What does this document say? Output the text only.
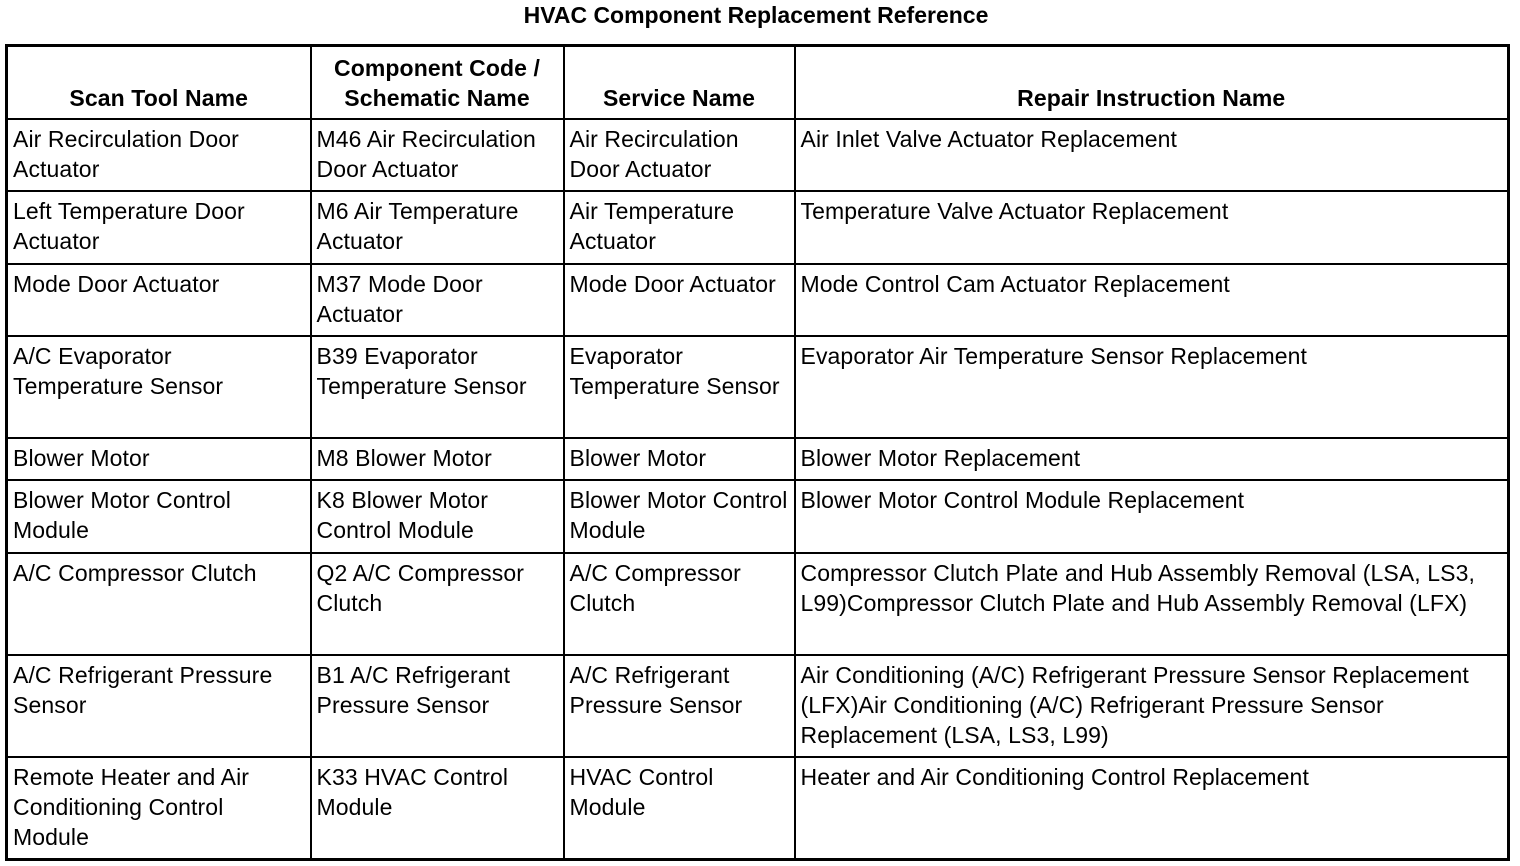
HVAC Component Replacement Reference
Scan Tool Name	Component Code / Schematic Name	Service Name	Repair Instruction Name
Air Recirculation Door Actuator	M46 Air Recirculation Door Actuator	Air Recirculation Door Actuator	Air Inlet Valve Actuator Replacement
Left Temperature Door Actuator	M6 Air Temperature Actuator	Air Temperature Actuator	Temperature Valve Actuator Replacement
Mode Door Actuator	M37 Mode Door Actuator	Mode Door Actuator	Mode Control Cam Actuator Replacement
A/C Evaporator Temperature Sensor	B39 Evaporator Temperature Sensor	Evaporator Temperature Sensor	Evaporator Air Temperature Sensor Replacement
Blower Motor	M8 Blower Motor	Blower Motor	Blower Motor Replacement
Blower Motor Control Module	K8 Blower Motor Control Module	Blower Motor Control Module	Blower Motor Control Module Replacement
A/C Compressor Clutch	Q2 A/C Compressor Clutch	A/C Compressor Clutch	Compressor Clutch Plate and Hub Assembly Removal (LSA, LS3, L99)Compressor Clutch Plate and Hub Assembly Removal (LFX)
A/C Refrigerant Pressure Sensor	B1 A/C Refrigerant Pressure Sensor	A/C Refrigerant Pressure Sensor	Air Conditioning (A/C) Refrigerant Pressure Sensor Replacement (LFX)Air Conditioning (A/C) Refrigerant Pressure Sensor Replacement (LSA, LS3, L99)
Remote Heater and Air Conditioning Control Module	K33 HVAC Control Module	HVAC Control Module	Heater and Air Conditioning Control Replacement
